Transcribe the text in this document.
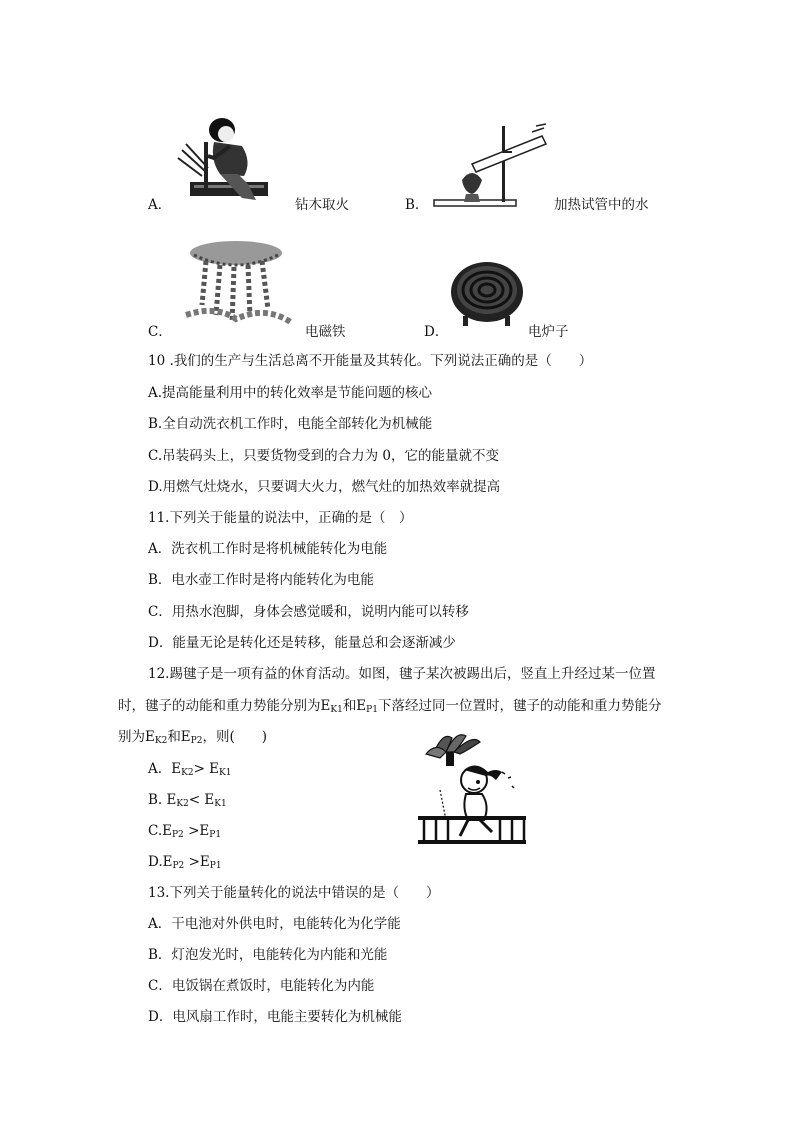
A．	钻木取火	B．	加热试管中的水
C．	电磁铁	D．	电炉子
10 .我们的生产与生活总离不开能量及其转化。下列说法正确的是（　　）
A.提高能量利用中的转化效率是节能问题的核心
B.全自动洗衣机工作时，电能全部转化为机械能
C.吊装码头上，只要货物受到的合力为 0，它的能量就不变
D.用燃气灶烧水，只要调大火力，燃气灶的加热效率就提高
11.下列关于能量的说法中，正确的是（　）
A．洗衣机工作时是将机械能转化为电能
B．电水壶工作时是将内能转化为电能
C．用热水泡脚，身体会感觉暖和，说明内能可以转移
D．能量无论是转化还是转移，能量总和会逐渐减少
12.踢毽子是一项有益的休育活动。如图，毽子某次被踢出后，竖直上升经过某一位置
时，毽子的动能和重力势能分别为$E_{K1}$和$E_{P1}$下落经过同一位置时，毽子的动能和重力势能分
别为$E_{K2}$和$E_{P2}$，则(　　)
A．$E_{K2}> E_{K1}$
B. $E_{K2}< E_{K1}$
$C.E_{P2} >E_{P1}$
$D.E_{P2} >E_{P1}$
13.下列关于能量转化的说法中错误的是（　　）
A．干电池对外供电时，电能转化为化学能
B．灯泡发光时，电能转化为内能和光能
C．电饭锅在煮饭时，电能转化为内能
D．电风扇工作时，电能主要转化为机械能
